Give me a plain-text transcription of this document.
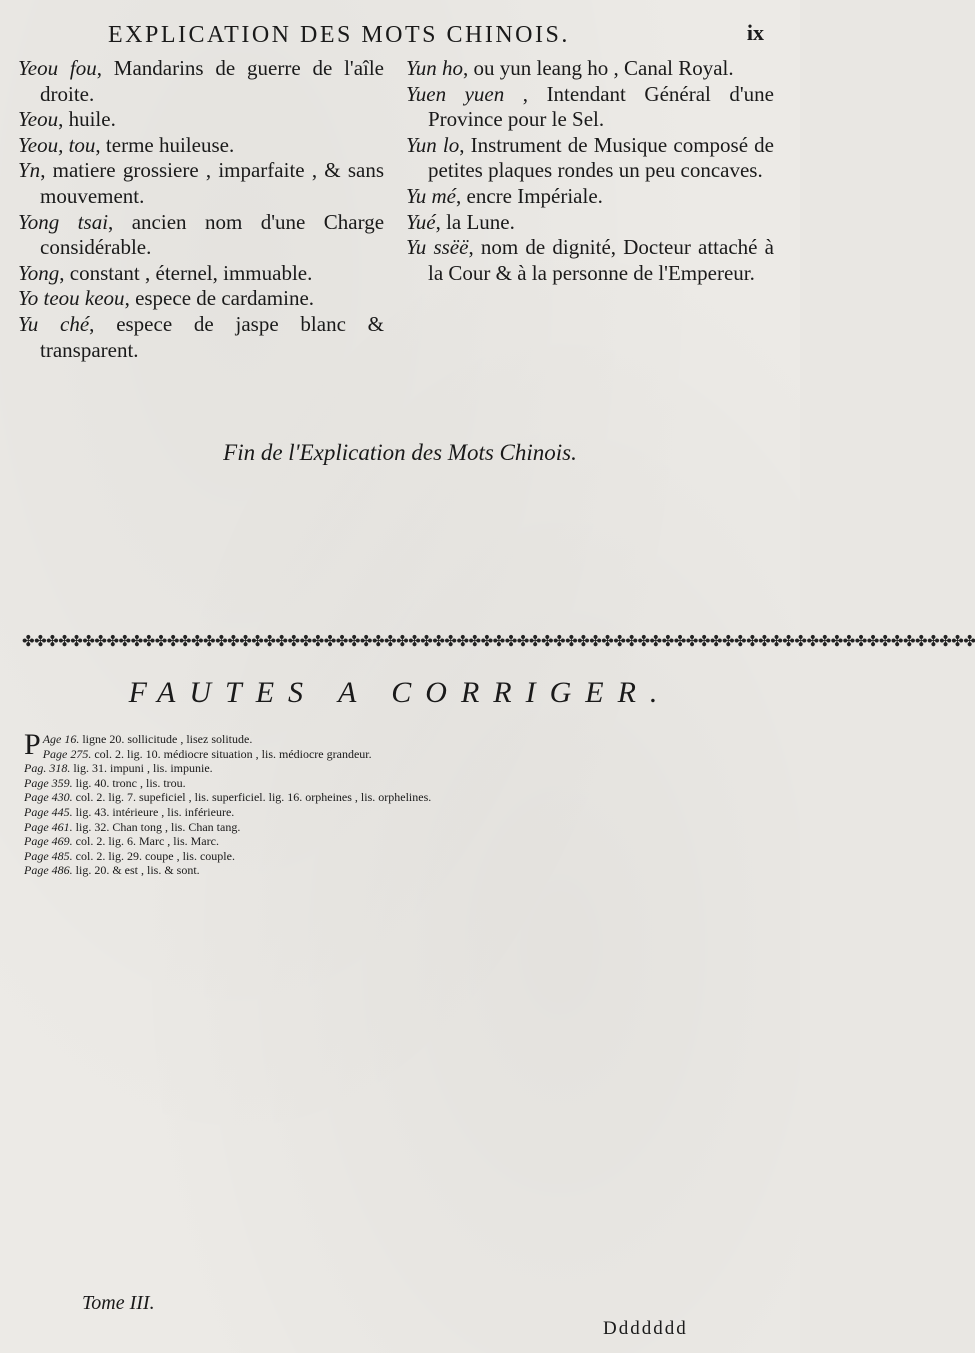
EXPLICATION DES MOTS CHINOIS.	ix
Yeou fou, Mandarins de guerre de l'aîle droite.
Yeou, huile.
Yeou, tou, terme huileuse.
Yn, matiere grossiere , imparfaite , & sans mouvement.
Yong tsai, ancien nom d'une Charge considérable.
Yong, constant , éternel, immuable.
Yo teou keou, espece de cardamine.
Yu ché, espece de jaspe blanc & transparent.
Yun ho, ou yun leang ho , Canal Royal.
Yuen yuen , Intendant Général d'une Province pour le Sel.
Yun lo, Instrument de Musique composé de petites plaques rondes un peu concaves.
Yu mé, encre Impériale.
Yué, la Lune.
Yu ssëë, nom de dignité, Docteur attaché à la Cour & à la personne de l'Empereur.
Fin de l'Explication des Mots Chinois.
✤✤✤✤✤✤✤✤✤✤✤✤✤✤✤✤✤✤✤✤✤✤✤✤✤✤✤✤✤✤✤✤✤✤✤✤✤✤✤✤✤✤✤✤✤✤✤✤✤✤✤✤✤✤✤✤✤✤✤✤✤✤✤✤✤✤✤✤✤✤✤✤✤✤✤✤✤✤✤
FAUTES A CORRIGER.
P Age 16. ligne 20. sollicitude , lisez solitude.
Page 275. col. 2. lig. 10. médiocre situation , lis. médiocre grandeur.
Pag. 318. lig. 31. impuni , lis. impunie.
Page 359. lig. 40. tronc , lis. trou.
Page 430. col. 2. lig. 7. supeficiel , lis. superficiel. lig. 16. orpheines , lis. orphelines.
Page 445. lig. 43. intérieure , lis. inférieure.
Page 461. lig. 32. Chan tong , lis. Chan tang.
Page 469. col. 2. lig. 6. Marc , lis. Marc.
Page 485. col. 2. lig. 29. coupe , lis. couple.
Page 486. lig. 20. & est , lis. & sont.
Tome III.
Ddddddd
